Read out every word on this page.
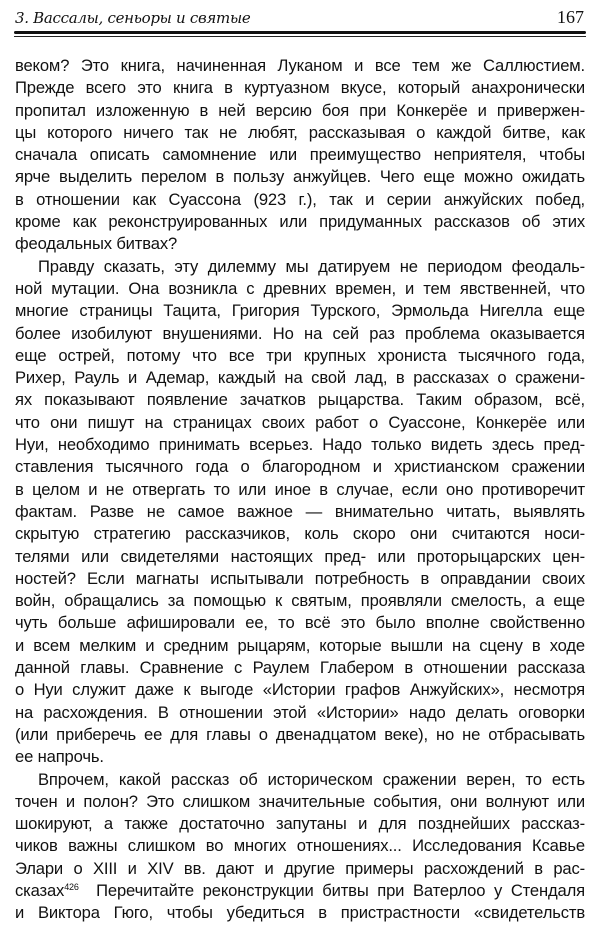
3. Вассалы, сеньоры и святые	167
веком? Это книга, начиненная Луканом и все тем же Саллюстием.
Прежде всего это книга в куртуазном вкусе, который анахронически
пропитал изложенную в ней версию боя при Конкерёе и привержен-
цы которого ничего так не любят, рассказывая о каждой битве, как
сначала описать самомнение или преимущество неприятеля, чтобы
ярче выделить перелом в пользу анжуйцев. Чего еще можно ожидать
в отношении как Суассона (923 г.), так и серии анжуйских побед,
кроме как реконструированных или придуманных рассказов об этих
феодальных битвах?
Правду сказать, эту дилемму мы датируем не периодом феодаль-
ной мутации. Она возникла с древних времен, и тем явственней, что
многие страницы Тацита, Григория Турского, Эрмольда Нигелла еще
более изобилуют внушениями. Но на сей раз проблема оказывается
еще острей, потому что все три крупных хрониста тысячного года,
Рихер, Рауль и Адемар, каждый на свой лад, в рассказах о сражени-
ях показывают появление зачатков рыцарства. Таким образом, всё,
что они пишут на страницах своих работ о Суассоне, Конкерёе или
Нуи, необходимо принимать всерьез. Надо только видеть здесь пред-
ставления тысячного года о благородном и христианском сражении
в целом и не отвергать то или иное в случае, если оно противоречит
фактам. Разве не самое важное — внимательно читать, выявлять
скрытую стратегию рассказчиков, коль скоро они считаются носи-
телями или свидетелями настоящих пред- или проторыцарских цен-
ностей? Если магнаты испытывали потребность в оправдании своих
войн, обращались за помощью к святым, проявляли смелость, а еще
чуть больше афишировали ее, то всё это было вполне свойственно
и всем мелким и средним рыцарям, которые вышли на сцену в ходе
данной главы. Сравнение с Раулем Глабером в отношении рассказа
о Нуи служит даже к выгоде «Истории графов Анжуйских», несмотря
на расхождения. В отношении этой «Истории» надо делать оговорки
(или приберечь ее для главы о двенадцатом веке), но не отбрасывать
ее напрочь.
Впрочем, какой рассказ об историческом сражении верен, то есть
точен и полон? Это слишком значительные события, они волнуют или
шокируют, а также достаточно запутаны и для позднейших рассказ-
чиков важны слишком во многих отношениях... Исследования Ксавье
Элари о XIII и XIV вв. дают и другие примеры расхождений в рас-
сказах$^{426}$ Перечитайте реконструкции битвы при Ватерлоо у Стендаля
и Виктора Гюго, чтобы убедиться в пристрастности «свидетельств
